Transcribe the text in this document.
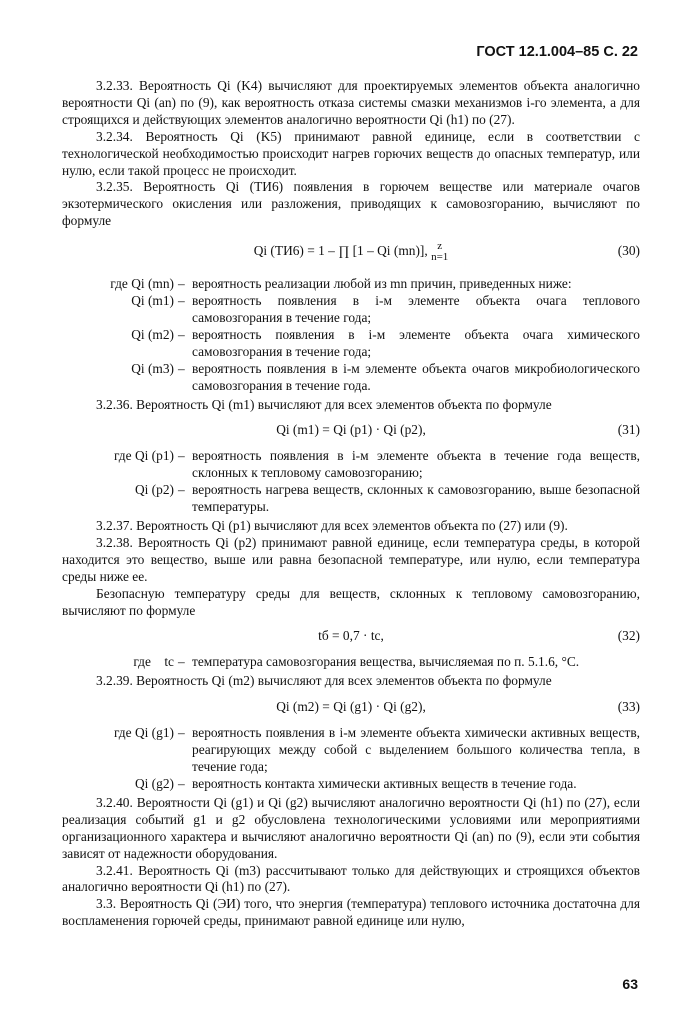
ГОСТ 12.1.004–85 С. 22

3.2.33. Вероятность Qi (K4) вычисляют для проектируемых элементов объекта аналогично вероятности Qi (an) по (9), как вероятность отказа системы смазки механизмов i-го элемента, а для строящихся и действующих элементов аналогично вероятности Qi (h1) по (27).

3.2.34. Вероятность Qi (K5) принимают равной единице, если в соответствии с технологической необходимостью происходит нагрев горючих веществ до опасных температур, или нулю, если такой процесс не происходит.

3.2.35. Вероятность Qi (TИ6) появления в горючем веществе или материале очагов экзотермического окисления или разложения, приводящих к самовозгоранию, вычисляют по формуле

Qi (TИ6) = 1 – ∏ [1 – Qi (mn)], z
n=1	(30)
где Qi (mn) – вероятность реализации любой из mn причин, приведенных ниже:
Qi (m1) – вероятность появления в i-м элементе объекта очага теплового самовозгорания в течение года;
Qi (m2) – вероятность появления в i-м элементе объекта очага химического самовозгорания в течение года;
Qi (m3) – вероятность появления в i-м элементе объекта очагов микробиологического самовозгорания в течение года.

3.2.36. Вероятность Qi (m1) вычисляют для всех элементов объекта по формуле

Qi (m1) = Qi (p1) · Qi (p2),	(31)
где Qi (p1) – вероятность появления в i-м элементе объекта в течение года веществ, склонных к тепловому самовозгоранию;
Qi (p2) – вероятность нагрева веществ, склонных к самовозгоранию, выше безопасной температуры.

3.2.37. Вероятность Qi (p1) вычисляют для всех элементов объекта по (27) или (9).

3.2.38. Вероятность Qi (p2) принимают равной единице, если температура среды, в которой находится это вещество, выше или равна безопасной температуре, или нулю, если температура среды ниже ее.

Безопасную температуру среды для веществ, склонных к тепловому самовозгоранию, вычисляют по формуле

tб = 0,7 · tc,	(32)
где tc – температура самовозгорания вещества, вычисляемая по п. 5.1.6, °С.

3.2.39. Вероятность Qi (m2) вычисляют для всех элементов объекта по формуле

Qi (m2) = Qi (g1) · Qi (g2),	(33)
где Qi (g1) – вероятность появления в i-м элементе объекта химически активных веществ, реагирующих между собой с выделением большого количества тепла, в течение года;
Qi (g2) – вероятность контакта химически активных веществ в течение года.

3.2.40. Вероятности Qi (g1) и Qi (g2) вычисляют аналогично вероятности Qi (h1) по (27), если реализация событий g1 и g2 обусловлена технологическими условиями или мероприятиями организационного характера и вычисляют аналогично вероятности Qi (an) по (9), если эти события зависят от надежности оборудования.

3.2.41. Вероятность Qi (m3) рассчитывают только для действующих и строящихся объектов аналогично вероятности Qi (h1) по (27).

3.3. Вероятность Qi (ЭИ) того, что энергия (температура) теплового источника достаточна для воспламенения горючей среды, принимают равной единице или нулю,

63
